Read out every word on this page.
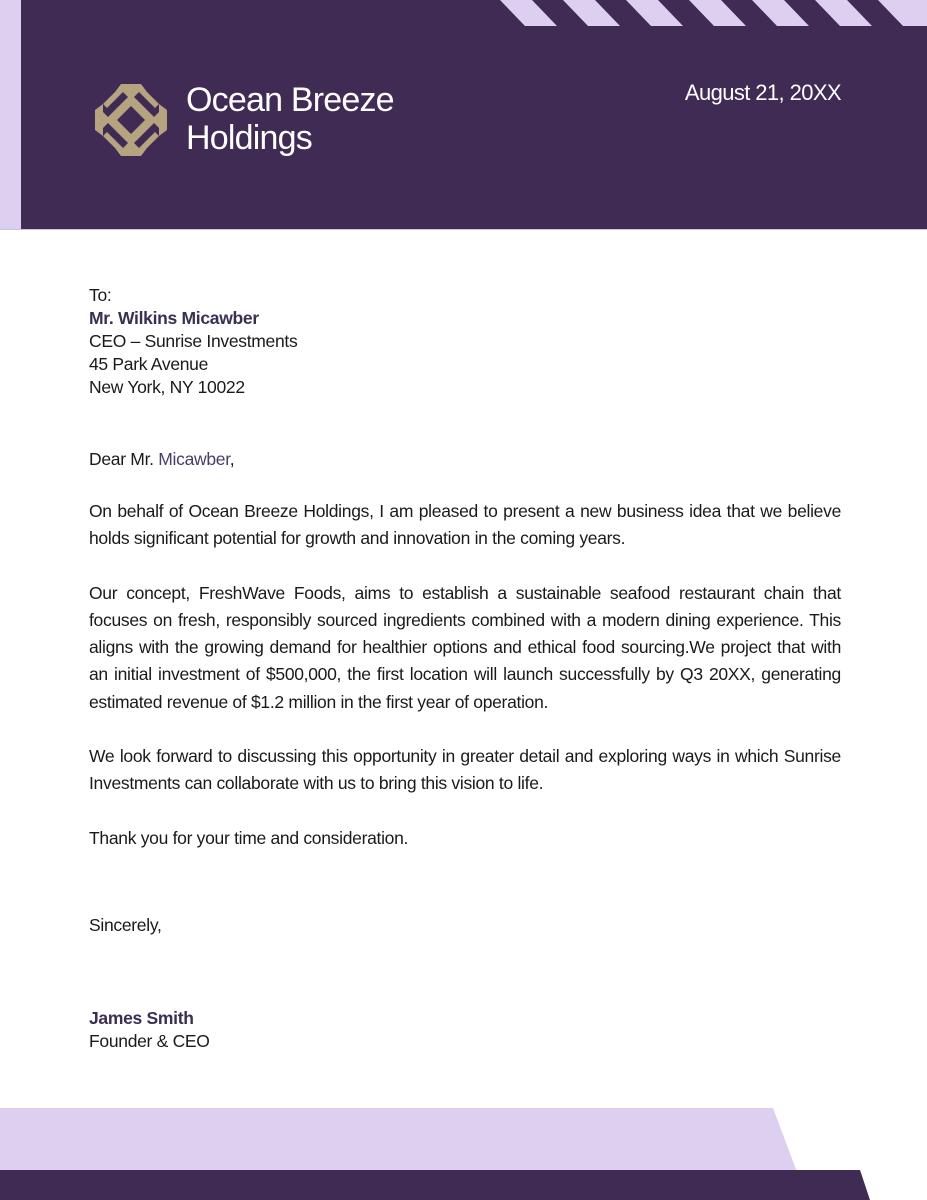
Ocean Breeze
Holdings
August 21, 20XX
To:
Mr. Wilkins Micawber
CEO – Sunrise Investments
45 Park Avenue
New York, NY 10022
Dear Mr. Micawber,

On behalf of Ocean Breeze Holdings, I am pleased to present a new business idea that we believe holds significant potential for growth and innovation in the coming years.

Our concept, FreshWave Foods, aims to establish a sustainable seafood restaurant chain that focuses on fresh, responsibly sourced ingredients combined with a modern dining experience. This aligns with the growing demand for healthier options and ethical food sourcing.We project that with an initial investment of $500,000, the first location will launch successfully by Q3 20XX, generating estimated revenue of $1.2 million in the first year of operation.

We look forward to discussing this opportunity in greater detail and exploring ways in which Sunrise Investments can collaborate with us to bring this vision to life.

Thank you for your time and consideration.

Sincerely,
James Smith
Founder & CEO
